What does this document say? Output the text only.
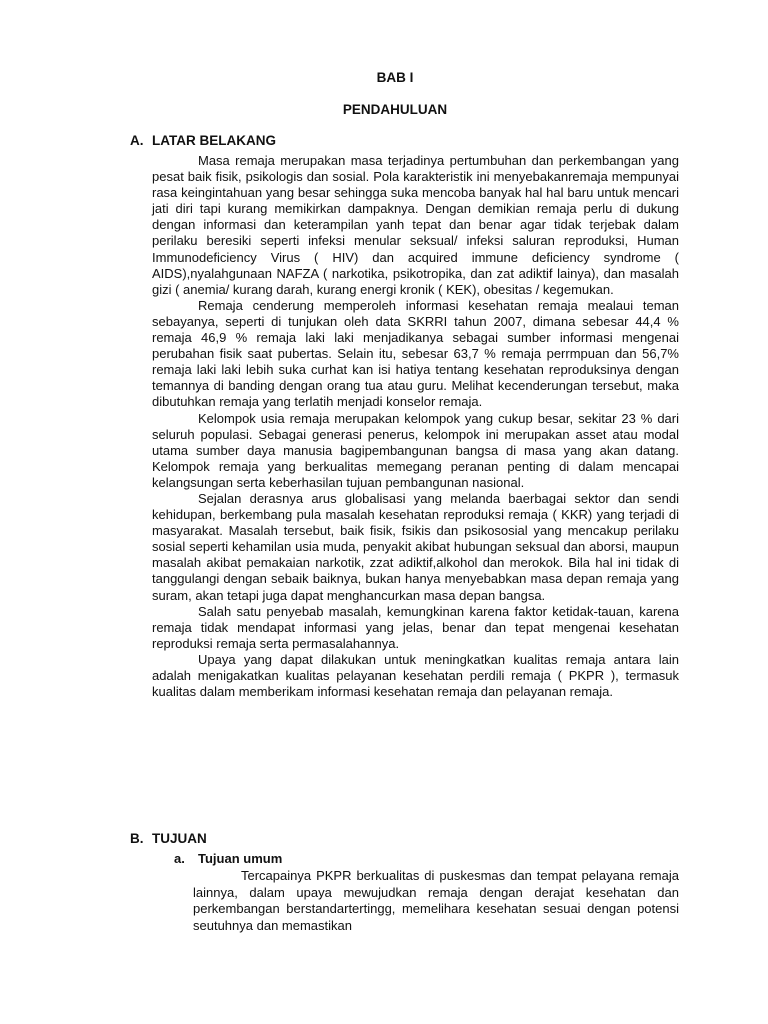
BAB I
PENDAHULUAN
A. LATAR BELAKANG

Masa remaja merupakan masa terjadinya pertumbuhan dan perkembangan yang pesat baik fisik, psikologis dan sosial. Pola karakteristik ini menyebakanremaja mempunyai rasa keingintahuan yang besar sehingga suka mencoba banyak hal hal baru untuk mencari jati diri tapi kurang memikirkan dampaknya. Dengan demikian remaja perlu di dukung dengan informasi dan keterampilan yanh tepat dan benar agar tidak terjebak dalam perilaku beresiki seperti infeksi menular seksual/ infeksi saluran reproduksi, Human Immunodeficiency Virus ( HIV) dan acquired immune deficiency syndrome ( AIDS),nyalahgunaan NAFZA ( narkotika, psikotropika, dan zat adiktif lainya), dan masalah gizi ( anemia/ kurang darah, kurang energi kronik ( KEK), obesitas / kegemukan.

Remaja cenderung memperoleh informasi kesehatan remaja mealaui teman sebayanya, seperti di tunjukan oleh data SKRRI tahun 2007, dimana sebesar 44,4 % remaja 46,9 % remaja laki laki menjadikanya sebagai sumber informasi mengenai perubahan fisik saat pubertas. Selain itu, sebesar 63,7 % remaja perrmpuan dan 56,7% remaja laki laki lebih suka curhat kan isi hatiya tentang kesehatan reproduksinya dengan temannya di banding dengan orang tua atau guru. Melihat kecenderungan tersebut, maka dibutuhkan remaja yang terlatih menjadi konselor remaja.

Kelompok usia remaja merupakan kelompok yang cukup besar, sekitar 23 % dari seluruh populasi. Sebagai generasi penerus, kelompok ini merupakan asset atau modal utama sumber daya manusia bagipembangunan bangsa di masa yang akan datang. Kelompok remaja yang berkualitas memegang peranan penting di dalam mencapai kelangsungan serta keberhasilan tujuan pembangunan nasional.

Sejalan derasnya arus globalisasi yang melanda baerbagai sektor dan sendi kehidupan, berkembang pula masalah kesehatan reproduksi remaja ( KKR) yang terjadi di masyarakat. Masalah tersebut, baik fisik, fsikis dan psikososial yang mencakup perilaku sosial seperti kehamilan usia muda, penyakit akibat hubungan seksual dan aborsi, maupun masalah akibat pemakaian narkotik, zzat adiktif,alkohol dan merokok. Bila hal ini tidak di tanggulangi dengan sebaik baiknya, bukan hanya menyebabkan masa depan remaja yang suram, akan tetapi juga dapat menghancurkan masa depan bangsa.

Salah satu penyebab masalah, kemungkinan karena faktor ketidak-tauan, karena remaja tidak mendapat informasi yang jelas, benar dan tepat mengenai kesehatan reproduksi remaja serta permasalahannya.

Upaya yang dapat dilakukan untuk meningkatkan kualitas remaja antara lain adalah menigakatkan kualitas pelayanan kesehatan perdili remaja ( PKPR ), termasuk kualitas dalam memberikam informasi kesehatan remaja dan pelayanan remaja.

B. TUJUAN
a.	Tujuan umum

Tercapainya PKPR berkualitas di puskesmas dan tempat pelayana remaja lainnya, dalam upaya mewujudkan remaja dengan derajat kesehatan dan perkembangan berstandartertingg, memelihara kesehatan sesuai dengan potensi seutuhnya dan memastikan
